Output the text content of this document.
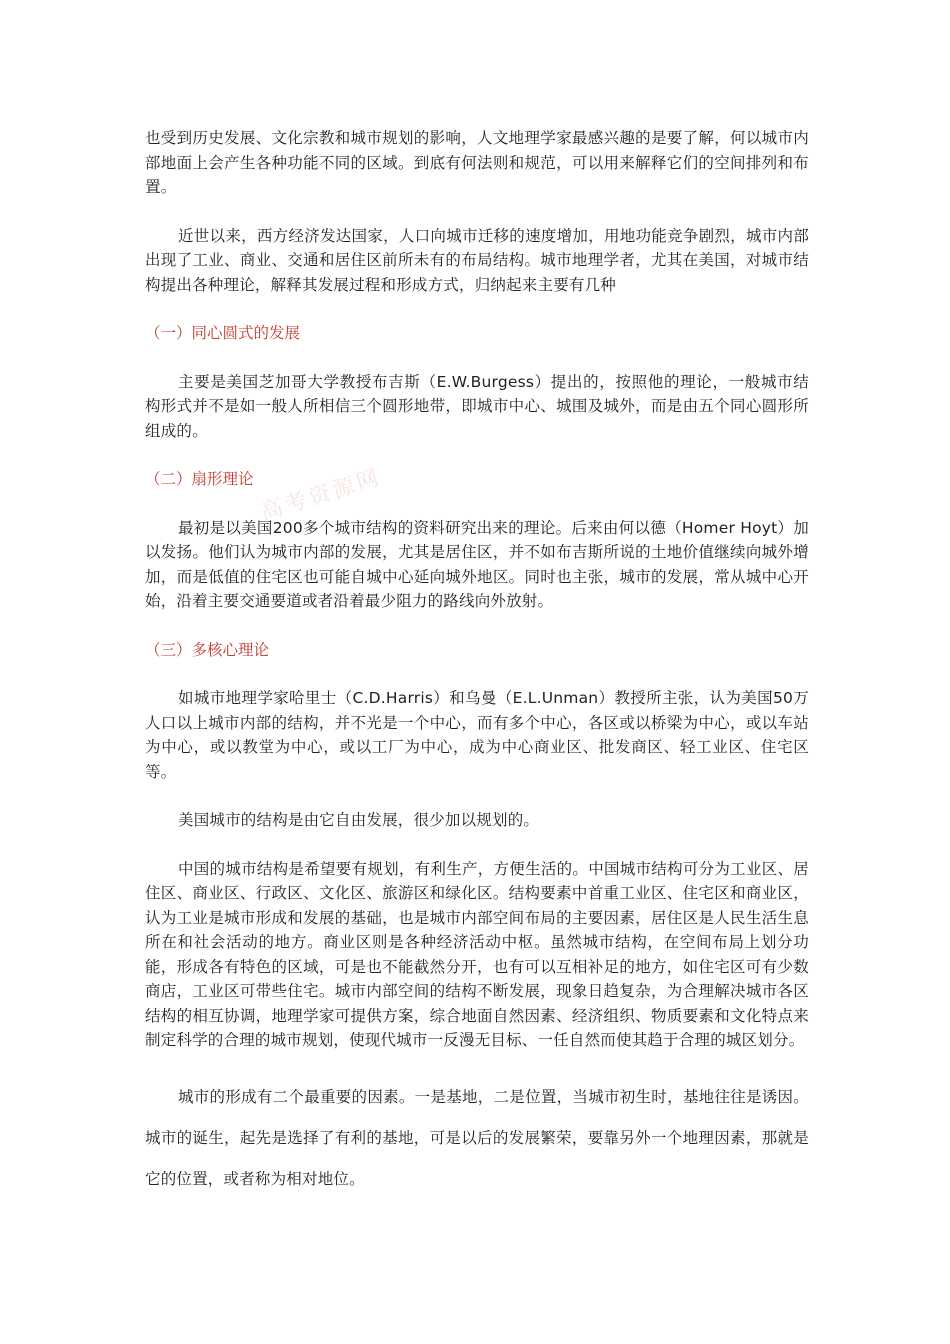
高考资源网

也受到历史发展、文化宗教和城市规划的影响，人文地理学家最感兴趣的是要了解，何以城市内部地面上会产生各种功能不同的区域。到底有何法则和规范，可以用来解释它们的空间排列和布置。

近世以来，西方经济发达国家，人口向城市迁移的速度增加，用地功能竞争剧烈，城市内部出现了工业、商业、交通和居住区前所未有的布局结构。城市地理学者，尤其在美国，对城市结构提出各种理论，解释其发展过程和形成方式，归纳起来主要有几种

（一）同心圆式的发展

主要是美国芝加哥大学教授布吉斯（E.W.Burgess）提出的，按照他的理论，一般城市结构形式并不是如一般人所相信三个圆形地带，即城市中心、城围及城外，而是由五个同心圆形所组成的。

（二）扇形理论

最初是以美国200多个城市结构的资料研究出来的理论。后来由何以德（Homer Hoyt）加以发扬。他们认为城市内部的发展，尤其是居住区，并不如布吉斯所说的土地价值继续向城外增加，而是低值的住宅区也可能自城中心延向城外地区。同时也主张，城市的发展，常从城中心开始，沿着主要交通要道或者沿着最少阻力的路线向外放射。

（三）多核心理论

如城市地理学家哈里士（C.D.Harris）和乌曼（E.L.Unman）教授所主张，认为美国50万人口以上城市内部的结构，并不光是一个中心，而有多个中心，各区或以桥梁为中心，或以车站为中心，或以教堂为中心，或以工厂为中心，成为中心商业区、批发商区、轻工业区、住宅区等。

美国城市的结构是由它自由发展，很少加以规划的。

中国的城市结构是希望要有规划，有利生产，方便生活的。中国城市结构可分为工业区、居住区、商业区、行政区、文化区、旅游区和绿化区。结构要素中首重工业区、住宅区和商业区，认为工业是城市形成和发展的基础，也是城市内部空间布局的主要因素，居住区是人民生活生息所在和社会活动的地方。商业区则是各种经济活动中枢。虽然城市结构，在空间布局上划分功能，形成各有特色的区域，可是也不能截然分开，也有可以互相补足的地方，如住宅区可有少数商店，工业区可带些住宅。城市内部空间的结构不断发展，现象日趋复杂，为合理解决城市各区结构的相互协调，地理学家可提供方案，综合地面自然因素、经济组织、物质要素和文化特点来制定科学的合理的城市规划，使现代城市一反漫无目标、一任自然而使其趋于合理的城区划分。

城市的形成有二个最重要的因素。一是基地，二是位置，当城市初生时，基地往往是诱因。城市的诞生，起先是选择了有利的基地，可是以后的发展繁荣，要靠另外一个地理因素，那就是它的位置，或者称为相对地位。
